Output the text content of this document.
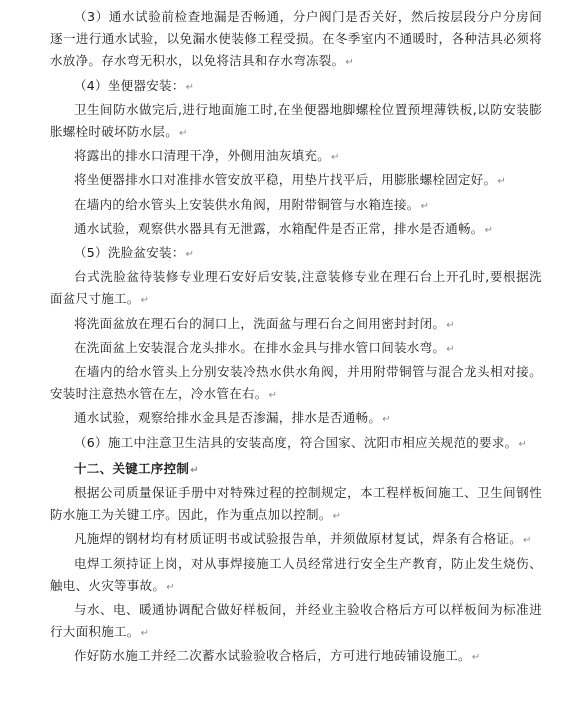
（3）通水试验前检查地漏是否畅通，分户阀门是否关好，然后按层段分户分房间逐一进行通水试验，以免漏水使装修工程受损。在冬季室内不通暖时，各种洁具必须将水放净。存水弯无积水，以免将洁具和存水弯冻裂。↵

（4）坐便器安装：↵

卫生间防水做完后,进行地面施工时,在坐便器地脚螺栓位置预埋薄铁板,以防安装膨胀螺栓时破坏防水层。↵

将露出的排水口清理干净，外侧用油灰填充。↵

将坐便器排水口对准排水管安放平稳，用垫片找平后，用膨胀螺栓固定好。↵

在墙内的给水管头上安装供水角阀，用附带铜管与水箱连接。↵

通水试验，观察供水器具有无泄露，水箱配件是否正常，排水是否通畅。↵

（5）洗脸盆安装：↵

台式洗脸盆待装修专业理石安好后安装,注意装修专业在理石台上开孔时,要根据洗面盆尺寸施工。↵

将洗面盆放在理石台的洞口上，洗面盆与理石台之间用密封封闭。↵

在洗面盆上安装混合龙头排水。在排水金具与排水管口间装水弯。↵

在墙内的给水管头上分别安装冷热水供水角阀，并用附带铜管与混合龙头相对接。安装时注意热水管在左，冷水管在右。↵

通水试验，观察给排水金具是否渗漏，排水是否通畅。↵

（6）施工中注意卫生洁具的安装高度，符合国家、沈阳市相应关规范的要求。↵

十二、关键工序控制↵

根据公司质量保证手册中对特殊过程的控制规定，本工程样板间施工、卫生间钢性防水施工为关键工序。因此，作为重点加以控制。↵

凡施焊的钢材均有材质证明书或试验报告单，并须做原材复试，焊条有合格证。↵

电焊工须持证上岗，对从事焊接施工人员经常进行安全生产教育，防止发生烧伤、触电、火灾等事故。↵

与水、电、暖通协调配合做好样板间，并经业主验收合格后方可以样板间为标准进行大面积施工。↵

作好防水施工并经二次蓄水试验验收合格后，方可进行地砖铺设施工。↵
